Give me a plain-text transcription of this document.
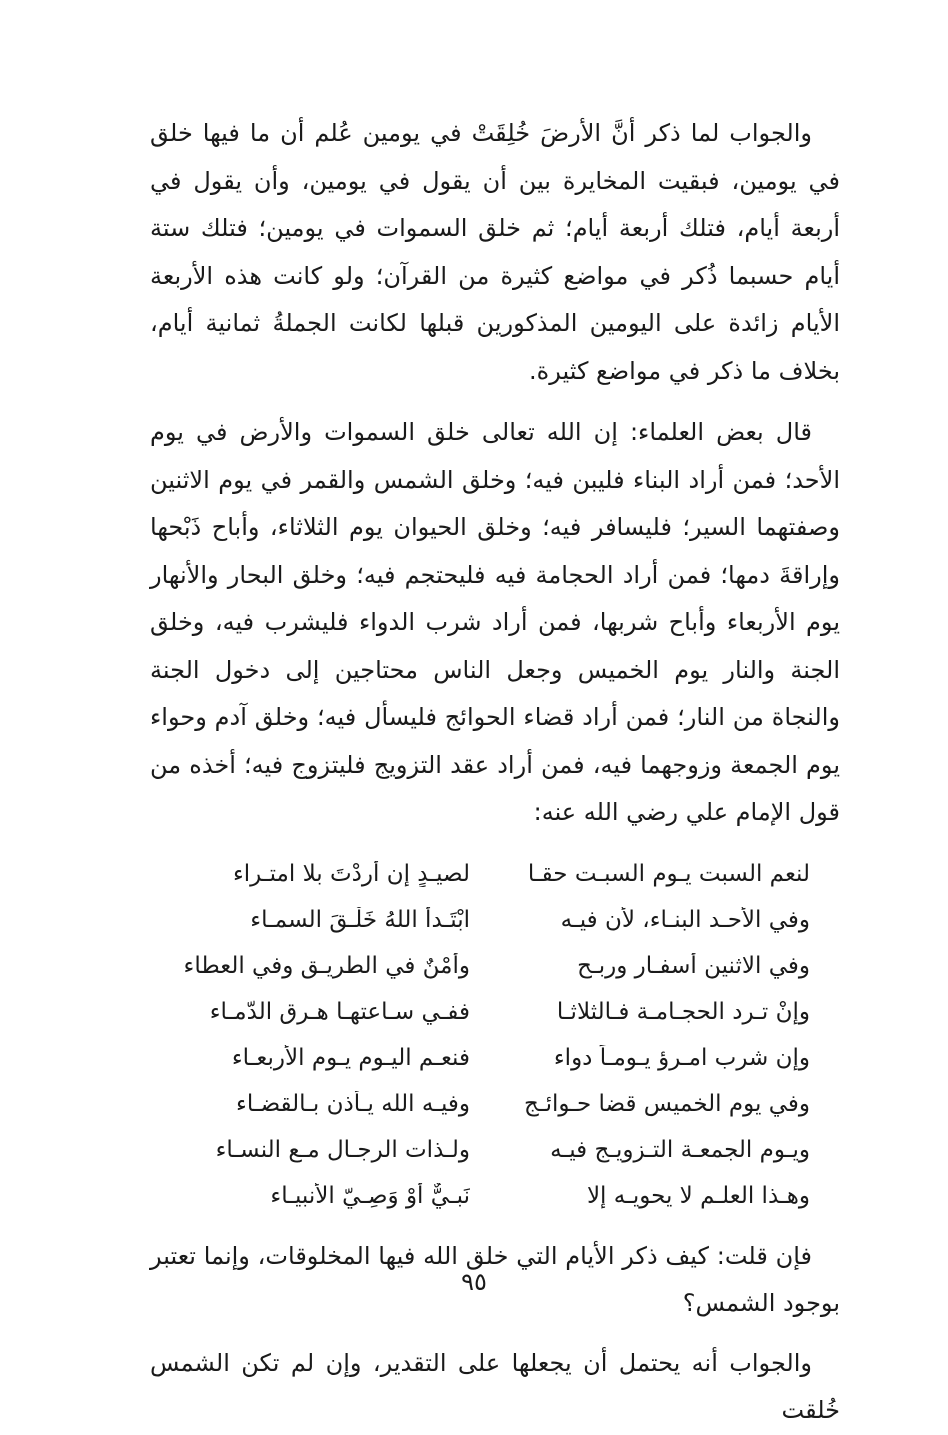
والجواب لما ذكر أنَّ الأرضَ خُلِقَتْ في يومين عُلم أن ما فيها خلق في يومين، فبقيت المخايرة بين أن يقول في يومين، وأن يقول في أربعة أيام، فتلك أربعة أيام؛ ثم خلق السموات في يومين؛ فتلك ستة أيام حسبما ذُكر في مواضع كثيرة من القرآن؛ ولو كانت هذه الأربعة الأيام زائدة على اليومين المذكورين قبلها لكانت الجملةُ ثمانية أيام، بخلاف ما ذكر في مواضع كثيرة.

قال بعض العلماء: إن الله تعالى خلق السموات والأرض في يوم الأحد؛ فمن أراد البناء فليبن فيه؛ وخلق الشمس والقمر في يوم الاثنين وصفتهما السير؛ فليسافر فيه؛ وخلق الحيوان يوم الثلاثاء، وأباح ذَبْحها وإراقةَ دمها؛ فمن أراد الحجامة فيه فليحتجم فيه؛ وخلق البحار والأنهار يوم الأربعاء وأباح شربها، فمن أراد شرب الدواء فليشرب فيه، وخلق الجنة والنار يوم الخميس وجعل الناس محتاجين إلى دخول الجنة والنجاة من النار؛ فمن أراد قضاء الحوائج فليسأل فيه؛ وخلق آدم وحواء يوم الجمعة وزوجهما فيه، فمن أراد عقد التزويج فليتزوج فيه؛ أخذه من قول الإمام علي رضي الله عنه:

لنعم السبت يـوم السبـت حقـا
لصيـدٍ إن أَردْتَ بلا امتـراء
وفي الأحـد البنـاء، لأن فيـه
ابْتَـدأ اللهُ خَلْـقَ السمـاء
وفي الاثنين أسفـار وربـح
وأَمْنٌ في الطريـق وفي العطاء
وإنْ تـرد الحجـامـة فـالثلاثـا
ففـي سـاعتهـا هـرق الدّمـاء
وإن شرب امـرؤ يـومـاً دواء
فنعـم اليـوم يـوم الأربعـاء
وفي يوم الخميس قضا حـوائـج
وفيـه الله يـأذن بـالقضـاء
ويـوم الجمعـة التـزويـج فيـه
ولـذات الرجـال مـع النسـاء
وهـذا العلـم لا يحويـه إلا
نَبـيٌّ أَوْ وَصِـيّ الأنبيـاء

فإن قلت: كيف ذكر الأيام التي خلق الله فيها المخلوقات، وإنما تعتبر بوجود الشمس؟

والجواب أنه يحتمل أن يجعلها على التقدير، وإن لم تكن الشمس خُلقت

٩٥
